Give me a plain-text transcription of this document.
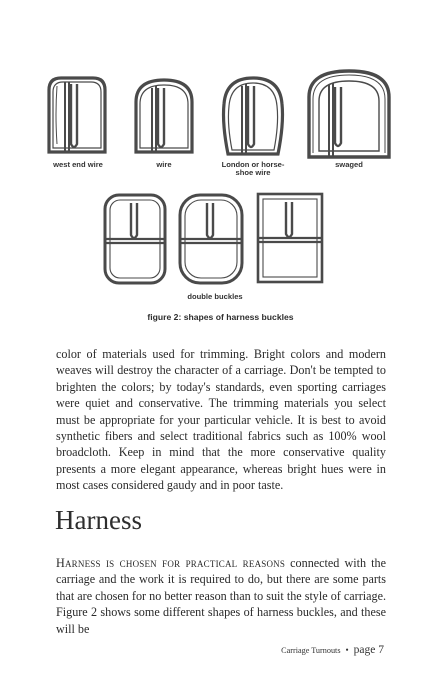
west end wire	wire	London or horse-
shoe wire
swaged
double buckles
figure 2: shapes of harness buckles
color of materials used for trimming. Bright colors and modern weaves will destroy the character of a carriage. Don't be tempted to brighten the colors; by today's standards, even sporting carriages were quiet and conservative. The trimming materials you select must be appropriate for your particular vehicle. It is best to avoid synthetic fibers and select traditional fabrics such as 100% wool broadcloth. Keep in mind that the more conservative quality presents a more elegant appearance, whereas bright hues were in most cases considered gaudy and in poor taste.
Harness
Harness is chosen for practical reasons connected with the carriage and the work it is required to do, but there are some parts that are chosen for no better reason than to suit the style of carriage. Figure 2 shows some different shapes of harness buckles, and these will be
Carriage Turnouts • page 7
